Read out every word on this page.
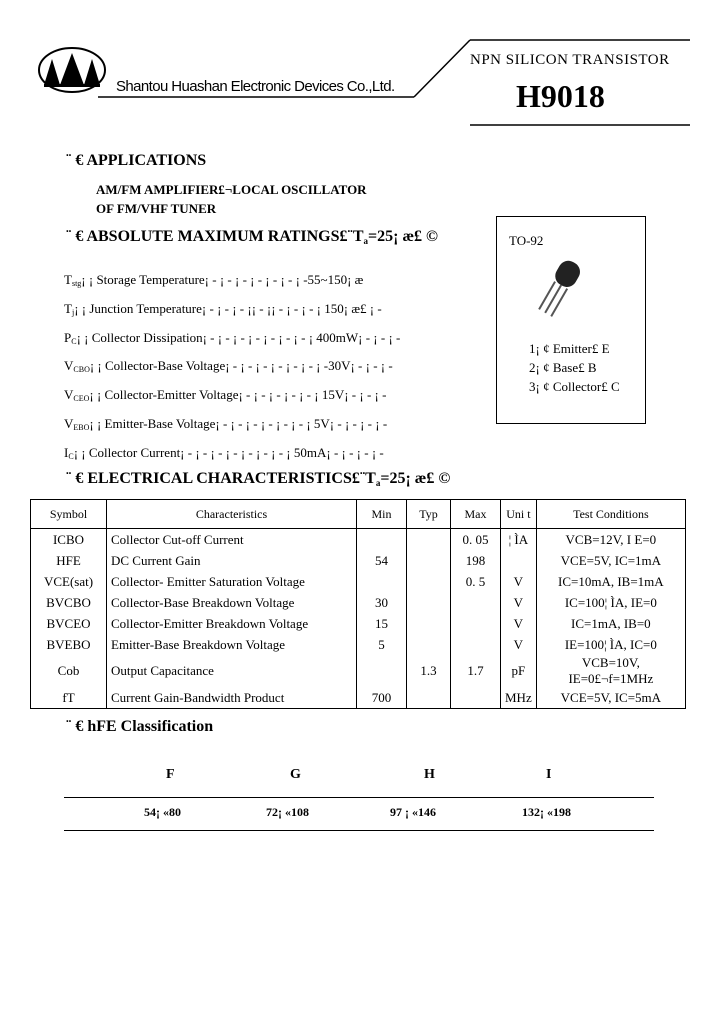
Shantou Huashan Electronic Devices Co.,Ltd.
NPN SILICON TRANSISTOR
H9018
¨ € APPLICATIONS
AM/FM AMPLIFIER£¬LOCAL OSCILLATOR
OF FM/VHF TUNER
¨ € ABSOLUTE MAXIMUM RATINGS£¨Ta=25¡ æ£ ©
$T_{stg}¡$ ¡ Storage Temperature¡ - ¡ - ¡ - ¡ - ¡ - ¡ - ¡ -55~150¡ æ
$T_j¡$ ¡ Junction Temperature¡ - ¡ - ¡ - ¡¡ - ¡¡ - ¡ - ¡ - ¡ 150¡ æ£ ¡ -
$P_C¡$ ¡ Collector Dissipation¡ - ¡ - ¡ - ¡ - ¡ - ¡ - ¡ - ¡ 400mW¡ - ¡ - ¡ -
$V_{CBO}¡$ ¡ Collector-Base Voltage¡ - ¡ - ¡ - ¡ - ¡ - ¡ - ¡ -30V¡ - ¡ - ¡ -
$V_{CEO}¡$ ¡ Collector-Emitter Voltage¡ - ¡ - ¡ - ¡ - ¡ - ¡ 15V¡ - ¡ - ¡ -
$V_{EBO}¡$ ¡ Emitter-Base Voltage¡ - ¡ - ¡ - ¡ - ¡ - ¡ - ¡ 5V¡ - ¡ - ¡ - ¡ -
$I_C¡$ ¡ Collector Current¡ - ¡ - ¡ - ¡ - ¡ - ¡ - ¡ - ¡ 50mA¡ - ¡ - ¡ - ¡ -
TO-92
1¡ ¢ Emitter£ E
2¡ ¢ Base£ B
3¡ ¢ Collector£ C
¨ € ELECTRICAL CHARACTERISTICS£¨Ta=25¡ æ£ ©
Symbol	Characteristics	Min	Typ	Max	Uni t	Test Conditions
ICBO	Collector Cut-off Current			0. 05	¦ ÌA	VCB=12V, I E=0
HFE	DC Current Gain	54		198		VCE=5V, IC=1mA
VCE(sat)	Collector- Emitter Saturation Voltage			0. 5	V	IC=10mA, IB=1mA
BVCBO	Collector-Base Breakdown Voltage	30			V	IC=100¦ ÌA, IE=0
BVCEO	Collector-Emitter Breakdown Voltage	15			V	IC=1mA, IB=0
BVEBO	Emitter-Base Breakdown Voltage	5			V	IE=100¦ ÌA, IC=0
Cob	Output Capacitance		1.3	1.7	pF	VCB=10V, IE=0£¬f=1MHz
fT	Current Gain-Bandwidth Product	700			MHz	VCE=5V, IC=5mA
¨ € hFE Classification
F	G	H	I
54¡ «80	72¡ «108	97 ¡ «146	132¡ «198
